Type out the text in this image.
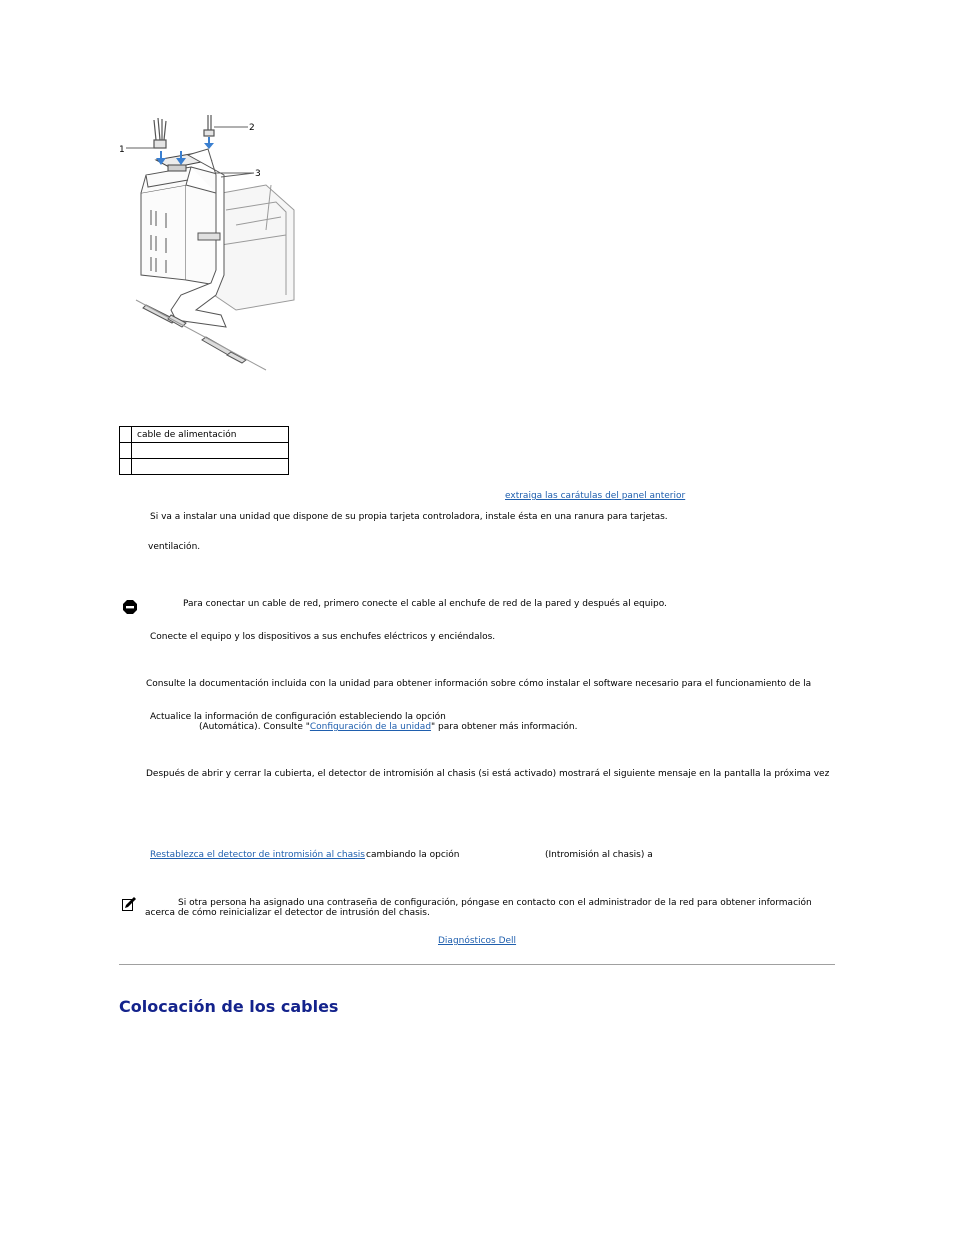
1
2
3
	cable de alimentación

extraiga las carátulas del panel anterior
Si va a instalar una unidad que dispone de su propia tarjeta controladora, instale ésta en una ranura para tarjetas.
ventilación.
Para conectar un cable de red, primero conecte el cable al enchufe de red de la pared y después al equipo.
Conecte el equipo y los dispositivos a sus enchufes eléctricos y enciéndalos.
Consulte la documentación incluida con la unidad para obtener información sobre cómo instalar el software necesario para el funcionamiento de la
Actualice la información de configuración estableciendo la opción
(Automática). Consulte "Configuración de la unidad" para obtener más información.
Después de abrir y cerrar la cubierta, el detector de intromisión al chasis (si está activado) mostrará el siguiente mensaje en la pantalla la próxima vez
Restablezca el detector de intromisión al chasis cambiando la opción	(Intromisión al chasis) a
Si otra persona ha asignado una contraseña de configuración, póngase en contacto con el administrador de la red para obtener información
acerca de cómo reinicializar el detector de intrusión del chasis.
Diagnósticos Dell
Colocación de los cables
